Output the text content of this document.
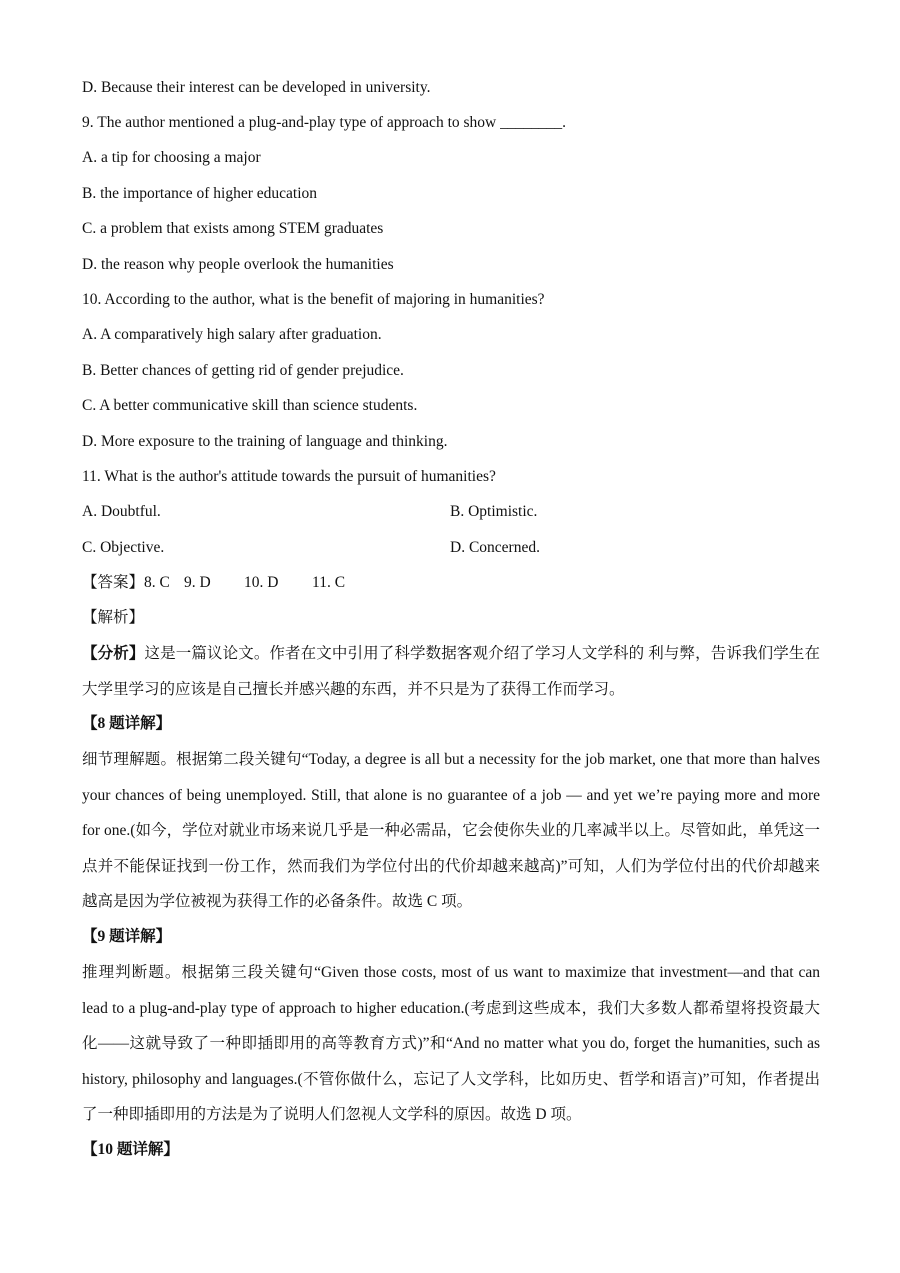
D. Because their interest can be developed in university.
9. The author mentioned a plug-and-play type of approach to show ________.
A. a tip for choosing a major
B. the importance of higher education
C. a problem that exists among STEM graduates
D. the reason why people overlook the humanities
10. According to the author, what is the benefit of majoring in humanities?
A. A comparatively high salary after graduation.
B. Better chances of getting rid of gender prejudice.
C. A better communicative skill than science students.
D. More exposure to the training of language and thinking.
11. What is the author's attitude towards the pursuit of humanities?
A. Doubtful.	B. Optimistic.
C. Objective.	D. Concerned.
【答案】8. C 9. D 10. D 11. C
【解析】

【分析】这是一篇议论文。作者在文中引用了科学数据客观介绍了学习人文学科的 利与弊，告诉我们学生在大学里学习的应该是自己擅长并感兴趣的东西，并不只是为了获得工作而学习。

【8 题详解】

细节理解题。根据第二段关键句“Today, a degree is all but a necessity for the job market, one that more than halves your chances of being unemployed. Still, that alone is no guarantee of a job — and yet we’re paying more and more for one.(如今，学位对就业市场来说几乎是一种必需品，它会使你失业的几率减半以上。尽管如此，单凭这一点并不能保证找到一份工作，然而我们为学位付出的代价却越来越高)”可知，人们为学位付出的代价却越来越高是因为学位被视为获得工作的必备条件。故选 C 项。

【9 题详解】

推理判断题。根据第三段关键句“Given those costs, most of us want to maximize that investment—and that can lead to a plug-and-play type of approach to higher education.(考虑到这些成本，我们大多数人都希望将投资最大化——这就导致了一种即插即用的高等教育方式)”和“And no matter what you do, forget the humanities, such as history, philosophy and languages.(不管你做什么，忘记了人文学科，比如历史、哲学和语言)”可知，作者提出了一种即插即用的方法是为了说明人们忽视人文学科的原因。故选 D 项。

【10 题详解】
